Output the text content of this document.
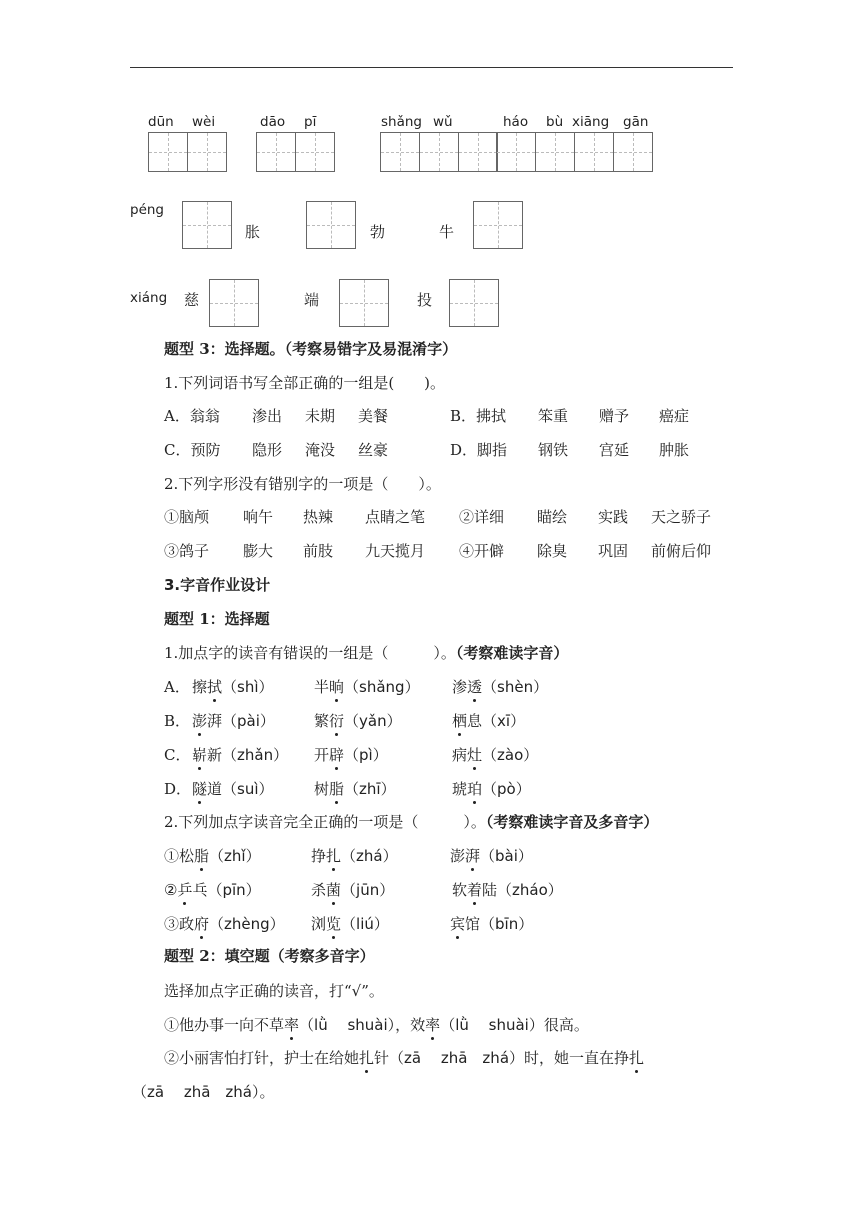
dūn wèi	dāo pī	shǎng wǔ	háo bù xiāng gān
péng
胀	勃	牛
xiáng 慈	端	投
题型 3：选择题。（考察易错字及易混淆字）
1.下列词语书写全部正确的一组是(　　)。
A．翁翁 渗出 未期 美餐	B．拂拭 笨重 赠予 癌症
C．预防 隐形 淹没 丝豪	D．脚指 钢铁 宫延 肿胀
2.下列字形没有错别字的一项是（　　）。
①脑颅 响午 热辣 点睛之笔 ②详细 瞄绘 实践 天之骄子
③鸽子 膨大 前肢 九天揽月 ④开僻 除臭 巩固 前俯后仰
3.字音作业设计
题型 1：选择题
1.加点字的读音有错误的一组是（　　　）。（考察难读字音）
A． 擦拭（shì）	半晌（shǎng） 渗透（shèn）
B． 澎湃（pài）	繁衍（yǎn）	栖息（xī）
C． 崭新（zhǎn） 开辟（pì）	病灶（zào）
D． 隧道（suì）	树脂（zhī）	琥珀（pò）
2.下列加点字读音完全正确的一项是（　　　）。（考察难读字音及多音字）
①松脂（zhǐ）	挣扎（zhá）	澎湃（bài）
②乒乓（pīn）	杀菌（jūn）	软着陆（zháo）
③政府（zhèng） 浏览（liú）	宾馆（bīn）
题型 2：填空题（考察多音字）
选择加点字正确的读音，打“√”。
①他办事一向不草率（lǜ　 shuài），效率（lǜ　 shuài）很高。
②小丽害怕打针，护士在给她扎针（zā　 zhā　zhá）时，她一直在挣扎
（zā　 zhā　zhá）。
